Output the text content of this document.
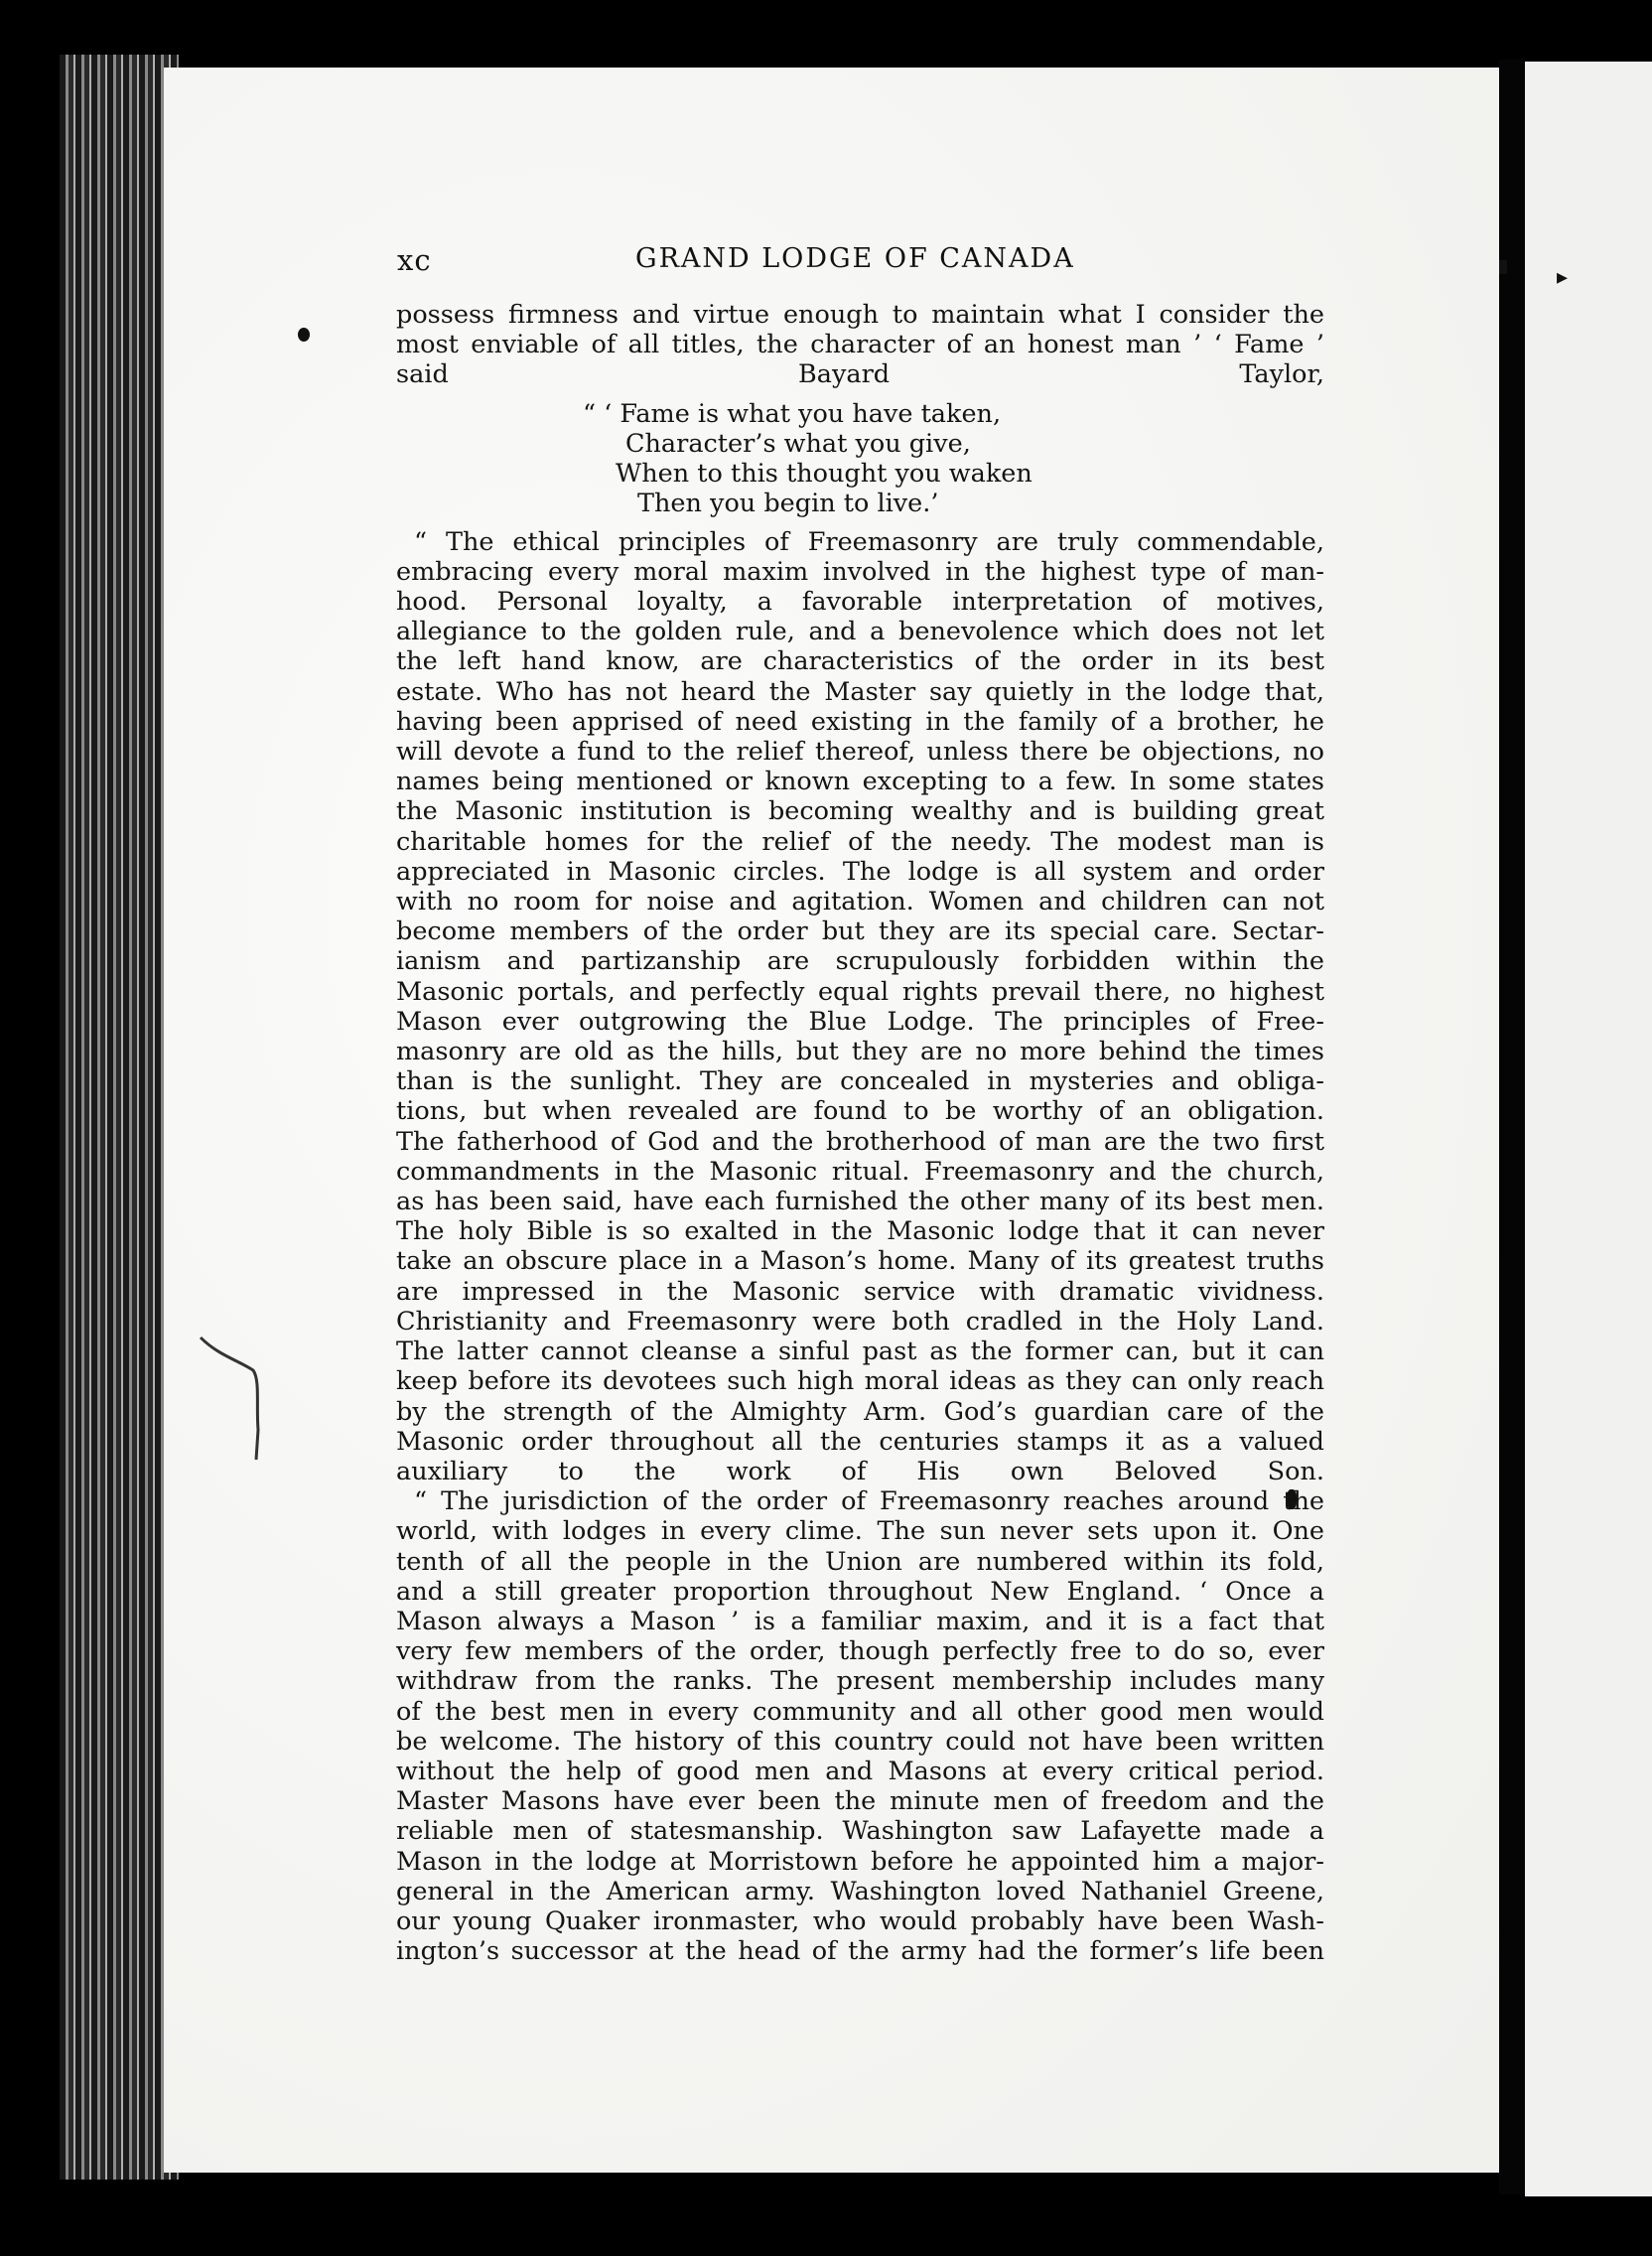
▸
xc	GRAND LODGE OF CANADA

possess firmness and virtue enough to maintain what I consider the
most enviable of all titles, the character of an honest man ’ ‘ Fame ’
said Bayard Taylor,

“ ‘ Fame is what you have taken,
Character’s what you give,
When to this thought you waken
Then you begin to live.’
“ The ethical principles of Freemasonry are truly commendable,
embracing every moral maxim involved in the highest type of man-
hood. Personal loyalty, a favorable interpretation of motives,
allegiance to the golden rule, and a benevolence which does not let
the left hand know, are characteristics of the order in its best
estate. Who has not heard the Master say quietly in the lodge that,
having been apprised of need existing in the family of a brother, he
will devote a fund to the relief thereof, unless there be objections, no
names being mentioned or known excepting to a few. In some states
the Masonic institution is becoming wealthy and is building great
charitable homes for the relief of the needy. The modest man is
appreciated in Masonic circles. The lodge is all system and order
with no room for noise and agitation. Women and children can not
become members of the order but they are its special care. Sectar-
ianism and partizanship are scrupulously forbidden within the
Masonic portals, and perfectly equal rights prevail there, no highest
Mason ever outgrowing the Blue Lodge. The principles of Free-
masonry are old as the hills, but they are no more behind the times
than is the sunlight. They are concealed in mysteries and obliga-
tions, but when revealed are found to be worthy of an obligation.
The fatherhood of God and the brotherhood of man are the two first
commandments in the Masonic ritual. Freemasonry and the church,
as has been said, have each furnished the other many of its best men.
The holy Bible is so exalted in the Masonic lodge that it can never
take an obscure place in a Mason’s home. Many of its greatest truths
are impressed in the Masonic service with dramatic vividness.
Christianity and Freemasonry were both cradled in the Holy Land.
The latter cannot cleanse a sinful past as the former can, but it can
keep before its devotees such high moral ideas as they can only reach
by the strength of the Almighty Arm. God’s guardian care of the
Masonic order throughout all the centuries stamps it as a valued
auxiliary to the work of His own Beloved Son.
“ The jurisdiction of the order of Freemasonry reaches around the
world, with lodges in every clime. The sun never sets upon it. One
tenth of all the people in the Union are numbered within its fold,
and a still greater proportion throughout New England. ‘ Once a
Mason always a Mason ’ is a familiar maxim, and it is a fact that
very few members of the order, though perfectly free to do so, ever
withdraw from the ranks. The present membership includes many
of the best men in every community and all other good men would
be welcome. The history of this country could not have been written
without the help of good men and Masons at every critical period.
Master Masons have ever been the minute men of freedom and the
reliable men of statesmanship. Washington saw Lafayette made a
Mason in the lodge at Morristown before he appointed him a major-
general in the American army. Washington loved Nathaniel Greene,
our young Quaker ironmaster, who would probably have been Wash-
ington’s successor at the head of the army had the former’s life been
